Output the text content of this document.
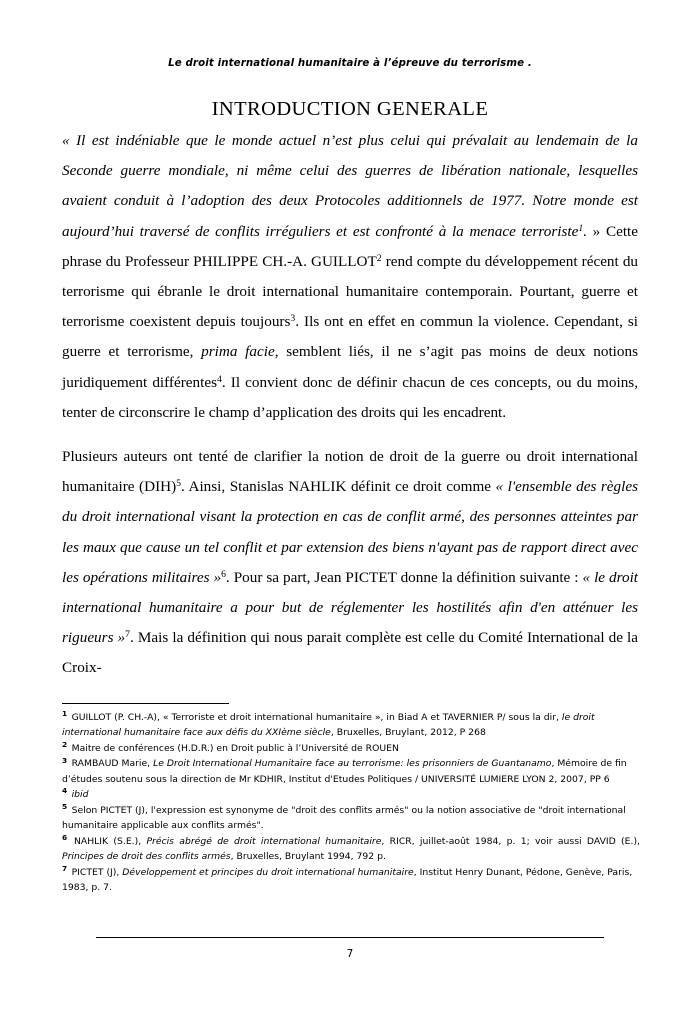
Le droit international humanitaire à l’épreuve du terrorisme .
INTRODUCTION GENERALE

« Il est indéniable que le monde actuel n’est plus celui qui prévalait au lendemain de la Seconde guerre mondiale, ni même celui des guerres de libération nationale, lesquelles avaient conduit à l’adoption des deux Protocoles additionnels de 1977. Notre monde est aujourd’hui traversé de conflits irréguliers et est confronté à la menace terroriste$^1$. » Cette phrase du Professeur PHILIPPE CH.-A. GUILLOT$^2$ rend compte du développement récent du terrorisme qui ébranle le droit international humanitaire contemporain. Pourtant, guerre et terrorisme coexistent depuis toujours$^3$. Ils ont en effet en commun la violence. Cependant, si guerre et terrorisme, prima facie, semblent liés, il ne s’agit pas moins de deux notions juridiquement différentes$^4$. Il convient donc de définir chacun de ces concepts, ou du moins, tenter de circonscrire le champ d’application des droits qui les encadrent.

Plusieurs auteurs ont tenté de clarifier la notion de droit de la guerre ou droit international humanitaire (DIH)$^5$. Ainsi, Stanislas NAHLIK définit ce droit comme « l'ensemble des règles du droit international visant la protection en cas de conflit armé, des personnes atteintes par les maux que cause un tel conflit et par extension des biens n'ayant pas de rapport direct avec les opérations militaires »$^6$. Pour sa part, Jean PICTET donne la définition suivante : « le droit international humanitaire a pour but de réglementer les hostilités afin d'en atténuer les rigueurs »$^7$. Mais la définition qui nous parait complète est celle du Comité International de la Croix-

$^1$ GUILLOT (P. CH.-A), « Terroriste et droit international humanitaire », in Biad A et TAVERNIER P/ sous la dir, le droit international humanitaire face aux défis du XXIème siècle, Bruxelles, Bruylant, 2012, P 268

$^2$ Maitre de conférences (H.D.R.) en Droit public à l’Université de ROUEN

$^3$ RAMBAUD Marie, Le Droit International Humanitaire face au terrorisme: les prisonniers de Guantanamo, Mémoire de fin d’études soutenu sous la direction de Mr KDHIR, Institut d'Etudes Politiques / UNIVERSITÉ LUMIERE LYON 2, 2007, PP 6

$^4$ ibid

$^5$ Selon PICTET (J), l'expression est synonyme de "droit des conflits armés" ou la notion associative de "droit international humanitaire applicable aux conflits armés".

$^6$ NAHLIK (S.E.), Précis abrégé de droit international humanitaire, RICR, juillet-août 1984, p. 1; voir aussi DAVID (E.), Principes de droit des conflits armés, Bruxelles, Bruylant 1994, 792 p.

$^7$ PICTET (J), Développement et principes du droit international humanitaire, Institut Henry Dunant, Pédone, Genève, Paris, 1983, p. 7.

7
